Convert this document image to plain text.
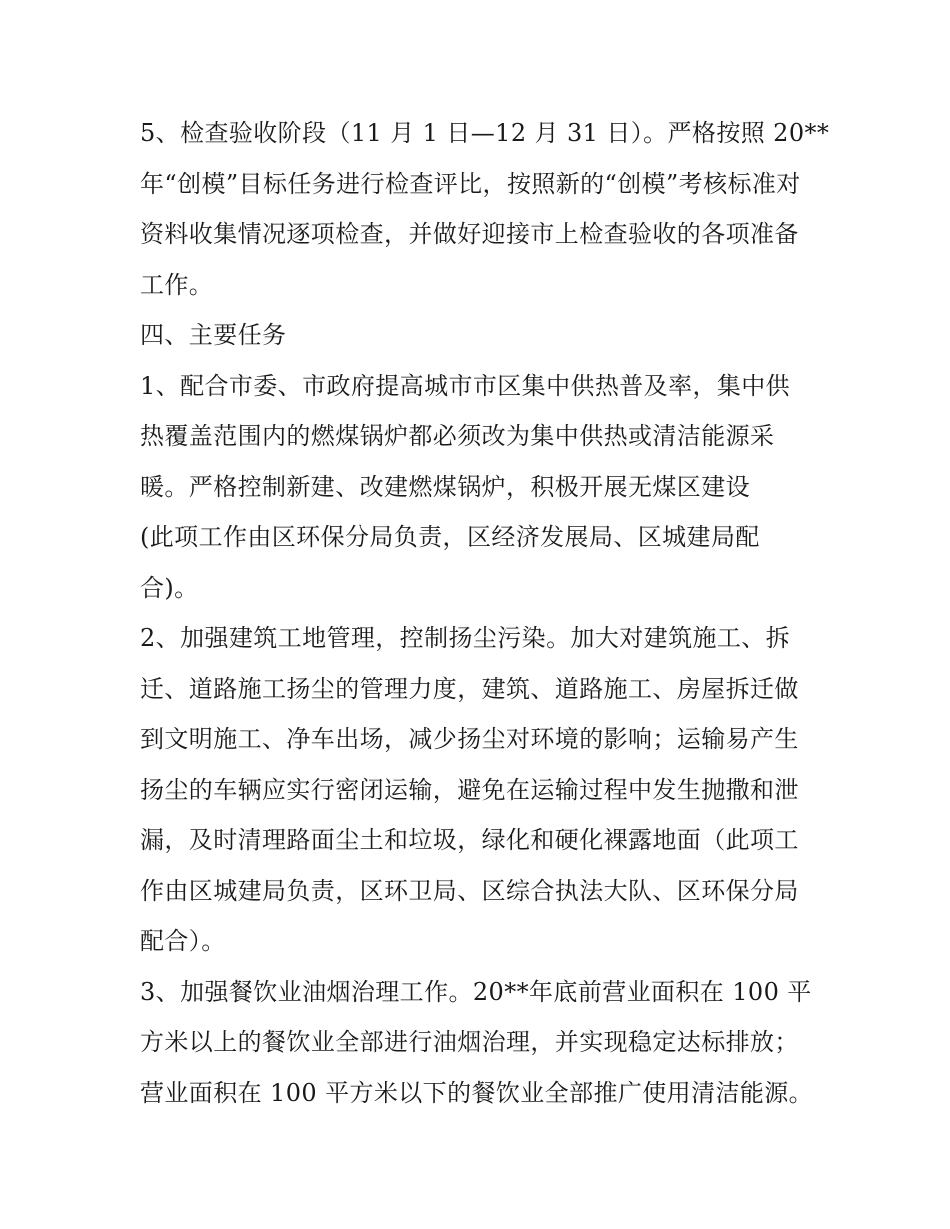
5、检查验收阶段（11 月 1 日—12 月 31 日）。严格按照 20**
年“创模”目标任务进行检查评比，按照新的“创模”考核标准对
资料收集情况逐项检查，并做好迎接市上检查验收的各项准备
工作。
四、主要任务
1、配合市委、市政府提高城市市区集中供热普及率，集中供
热覆盖范围内的燃煤锅炉都必须改为集中供热或清洁能源采
暖。严格控制新建、改建燃煤锅炉，积极开展无煤区建设
(此项工作由区环保分局负责，区经济发展局、区城建局配
合)。
2、加强建筑工地管理，控制扬尘污染。加大对建筑施工、拆
迁、道路施工扬尘的管理力度，建筑、道路施工、房屋拆迁做
到文明施工、净车出场，减少扬尘对环境的影响；运输易产生
扬尘的车辆应实行密闭运输，避免在运输过程中发生抛撒和泄
漏，及时清理路面尘土和垃圾，绿化和硬化裸露地面（此项工
作由区城建局负责，区环卫局、区综合执法大队、区环保分局
配合）。
3、加强餐饮业油烟治理工作。20**年底前营业面积在 100 平
方米以上的餐饮业全部进行油烟治理，并实现稳定达标排放；
营业面积在 100 平方米以下的餐饮业全部推广使用清洁能源。
